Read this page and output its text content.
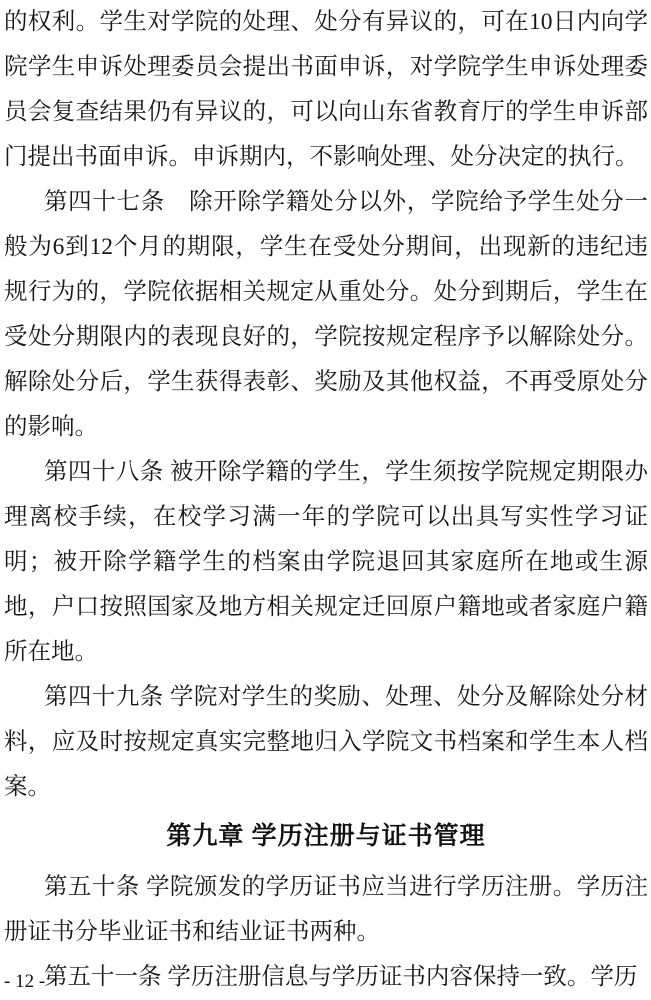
的权利。学生对学院的处理、处分有异议的，可在10日内向学院学生申诉处理委员会提出书面申诉，对学院学生申诉处理委员会复查结果仍有异议的，可以向山东省教育厅的学生申诉部门提出书面申诉。申诉期内，不影响处理、处分决定的执行。

第四十七条　除开除学籍处分以外，学院给予学生处分一般为6到12个月的期限，学生在受处分期间，出现新的违纪违规行为的，学院依据相关规定从重处分。处分到期后，学生在受处分期限内的表现良好的，学院按规定程序予以解除处分。解除处分后，学生获得表彰、奖励及其他权益，不再受原处分的影响。

第四十八条 被开除学籍的学生，学生须按学院规定期限办理离校手续，在校学习满一年的学院可以出具写实性学习证明；被开除学籍学生的档案由学院退回其家庭所在地或生源地，户口按照国家及地方相关规定迁回原户籍地或者家庭户籍所在地。

第四十九条 学院对学生的奖励、处理、处分及解除处分材料，应及时按规定真实完整地归入学院文书档案和学生本人档案。

第九章 学历注册与证书管理

第五十条 学院颁发的学历证书应当进行学历注册。学历注册证书分毕业证书和结业证书两种。

第五十一条 学历注册信息与学历证书内容保持一致。学历

- 12 -
